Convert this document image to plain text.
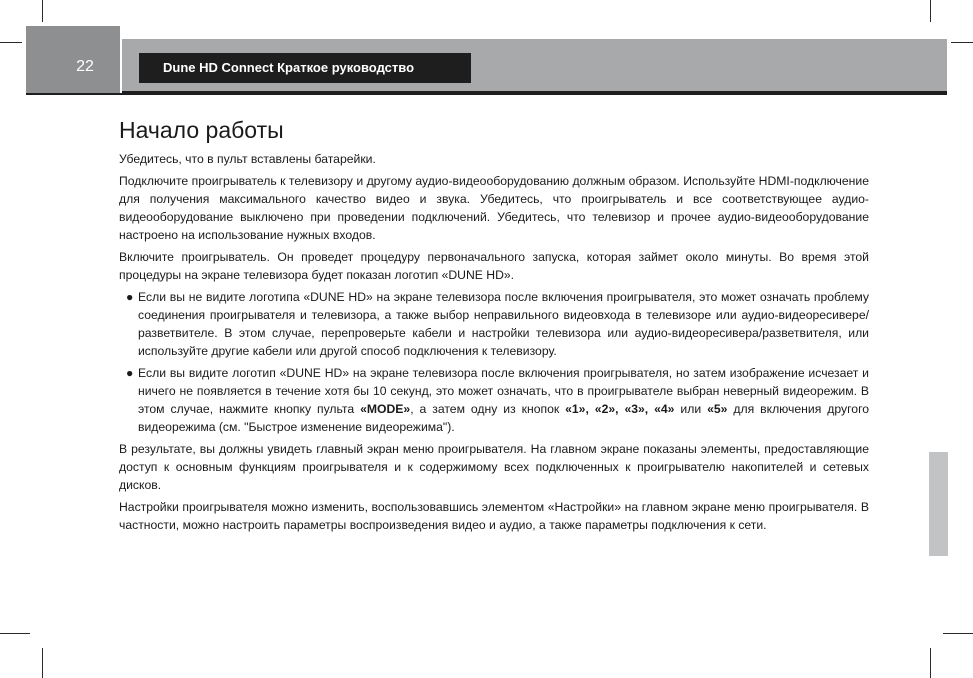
22	Dune HD Connect Краткое руководство
Начало работы

Убедитесь, что в пульт вставлены батарейки.

Подключите проигрыватель к телевизору и другому аудио-видеооборудованию должным образом. Используйте HDMI-подключение для получения максимального качество видео и звука. Убедитесь, что проигрыватель и все соответствующее аудио-видеооборудование выключено при проведении подключений. Убедитесь, что телевизор и прочее аудио-видеооборудование настроено на использование нужных входов.

Включите проигрыватель. Он проведет процедуру первоначального запуска, которая займет около минуты. Во время этой процедуры на экране телевизора будет показан логотип «DUNE HD».

● Если вы не видите логотипа «DUNE HD» на экране телевизора после включения проигрывателя, это может означать проблему соединения проигрывателя и телевизора, а также выбор неправильного видеовхода в телевизоре или аудио-видеоресивере/разветвителе. В этом случае, перепроверьте кабели и настройки телевизора или аудио-видеоресивера/разветвителя, или используйте другие кабели или другой способ подключения к телевизору.
● Если вы видите логотип «DUNE HD» на экране телевизора после включения проигрывателя, но затем изображение исчезает и ничего не появляется в течение хотя бы 10 секунд, это может означать, что в проигрывателе выбран неверный видеорежим. В этом случае, нажмите кнопку пульта «MODE», а затем одну из кнопок «1», «2», «3», «4» или «5» для включения другого видеорежима (см. "Быстрое изменение видеорежима").

В результате, вы должны увидеть главный экран меню проигрывателя. На главном экране показаны элементы, предоставляющие доступ к основным функциям проигрывателя и к содержимому всех подключенных к проигрывателю накопителей и сетевых дисков.

Настройки проигрывателя можно изменить, воспользовавшись элементом «Настройки» на главном экране меню проигрывателя. В частности, можно настроить параметры воспроизведения видео и аудио, а также параметры подключения к сети.
